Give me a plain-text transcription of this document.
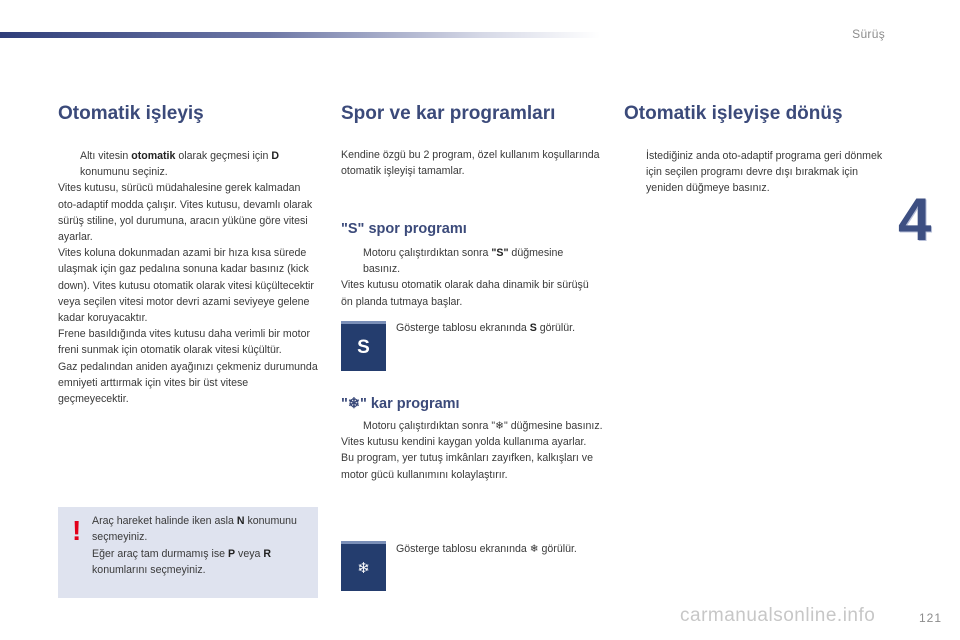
Sürüş
4
121
carmanualsonline.info
Otomatik işleyiş
Altı vitesin otomatik olarak geçmesi için D konumunu seçiniz.

Vites kutusu, sürücü müdahalesine gerek kalmadan oto-adaptif modda çalışır. Vites kutusu, devamlı olarak sürüş stiline, yol durumuna, aracın yüküne göre vitesi ayarlar.

Vites koluna dokunmadan azami bir hıza kısa sürede ulaşmak için gaz pedalına sonuna kadar basınız (kick down). Vites kutusu otomatik olarak vitesi küçültecektir veya seçilen vitesi motor devri azami seviyeye gelene kadar koruyacaktır.

Frene basıldığında vites kutusu daha verimli bir motor freni sunmak için otomatik olarak vitesi küçültür.

Gaz pedalından aniden ayağınızı çekmeniz durumunda emniyeti arttırmak için vites bir üst vitese geçmeyecektir.

! Araç hareket halinde iken asla N konumunu seçmeyiniz.

Eğer araç tam durmamış ise P veya R konumlarını seçmeyiniz.

Spor ve kar programları

Kendine özgü bu 2 program, özel kullanım koşullarında otomatik işleyişi tamamlar.

"S" spor programı
Motoru çalıştırdıktan sonra "S" düğmesine basınız.

Vites kutusu otomatik olarak daha dinamik bir sürüşü ön planda tutmaya başlar.

S

Gösterge tablosu ekranında S görülür.

"❄" kar programı
Motoru çalıştırdıktan sonra "❄" düğmesine basınız.

Vites kutusu kendini kaygan yolda kullanıma ayarlar.

Bu program, yer tutuş imkânları zayıfken, kalkışları ve motor gücü kullanımını kolaylaştırır.

❄

Gösterge tablosu ekranında ❄ görülür.

Otomatik işleyişe dönüş
İstediğiniz anda oto-adaptif programa geri dönmek için seçilen programı devre dışı bırakmak için yeniden düğmeye basınız.
